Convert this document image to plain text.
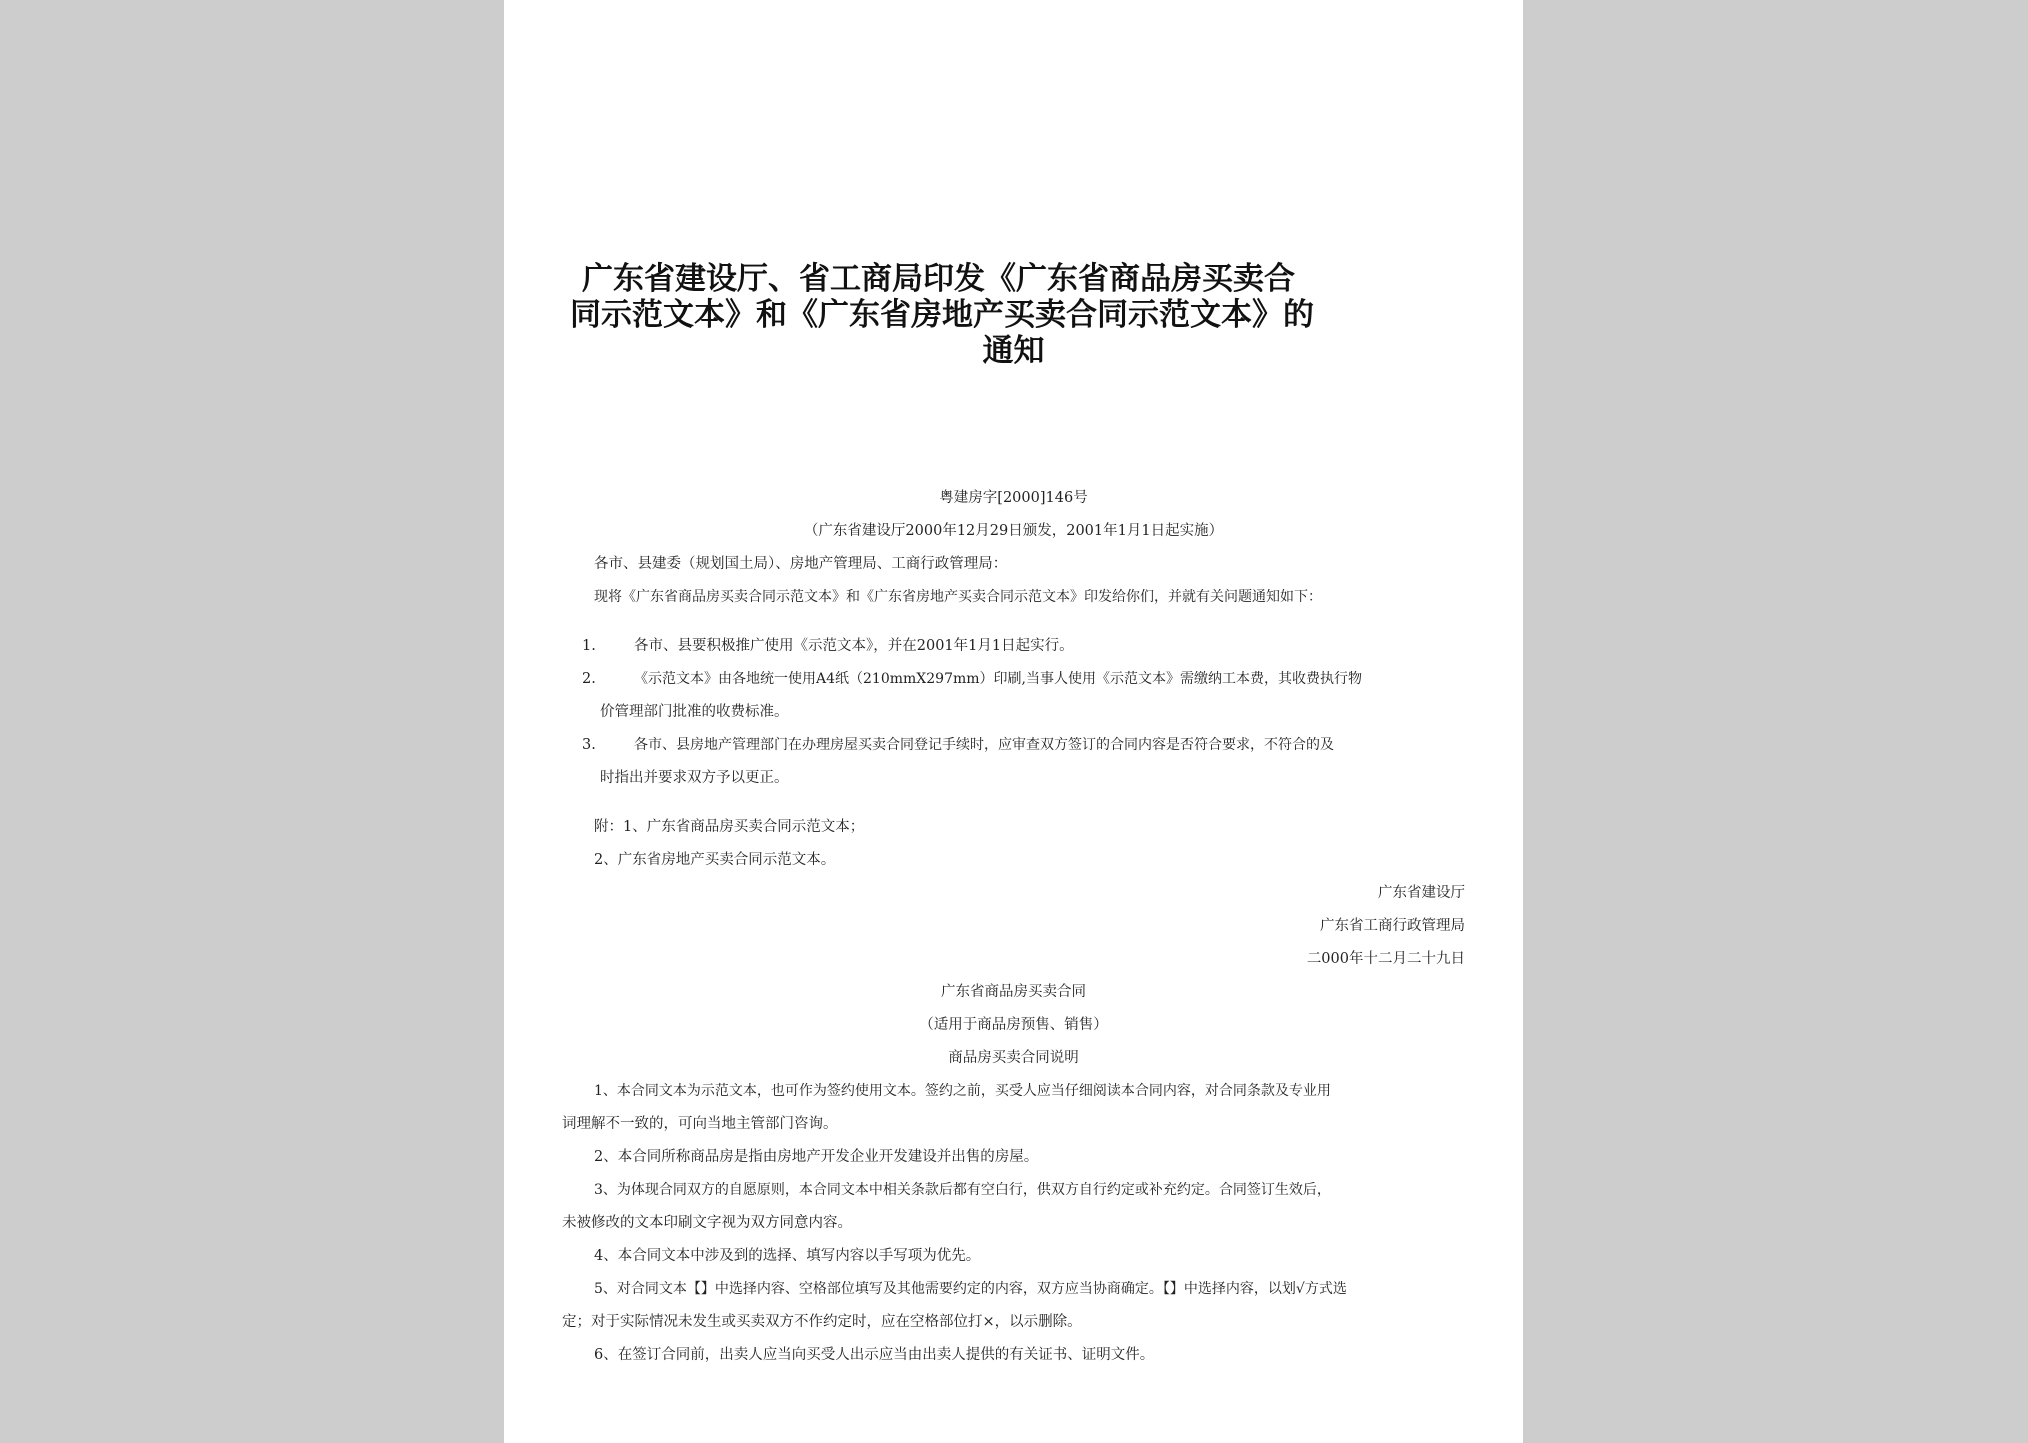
广东省建设厅、省工商局印发《广东省商品房买卖合
同示范文本》和《广东省房地产买卖合同示范文本》的
通知
粤建房字[2000]146号
（广东省建设厅2000年12月29日颁发，2001年1月1日起实施）
各市、县建委（规划国土局）、房地产管理局、工商行政管理局：
现将《广东省商品房买卖合同示范文本》和《广东省房地产买卖合同示范文本》印发给你们，并就有关问题通知如下：
1.	各市、县要积极推广使用《示范文本》，并在2001年1月1日起实行。
2.	《示范文本》由各地统一使用A4纸（210mmX297mm）印刷,当事人使用《示范文本》需缴纳工本费，其收费执行物
价管理部门批准的收费标准。
3.	各市、县房地产管理部门在办理房屋买卖合同登记手续时，应审查双方签订的合同内容是否符合要求，不符合的及
时指出并要求双方予以更正。
附：1、广东省商品房买卖合同示范文本；
2、广东省房地产买卖合同示范文本。
广东省建设厅
广东省工商行政管理局
二000年十二月二十九日
广东省商品房买卖合同
（适用于商品房预售、销售）
商品房买卖合同说明
1、本合同文本为示范文本，也可作为签约使用文本。签约之前，买受人应当仔细阅读本合同内容，对合同条款及专业用
词理解不一致的，可向当地主管部门咨询。
2、本合同所称商品房是指由房地产开发企业开发建设并出售的房屋。
3、为体现合同双方的自愿原则，本合同文本中相关条款后都有空白行，供双方自行约定或补充约定。合同签订生效后，
未被修改的文本印刷文字视为双方同意内容。
4、本合同文本中涉及到的选择、填写内容以手写项为优先。
5、对合同文本【】中选择内容、空格部位填写及其他需要约定的内容，双方应当协商确定。【】中选择内容，以划√方式选
定；对于实际情况未发生或买卖双方不作约定时，应在空格部位打×，以示删除。
6、在签订合同前，出卖人应当向买受人出示应当由出卖人提供的有关证书、证明文件。
